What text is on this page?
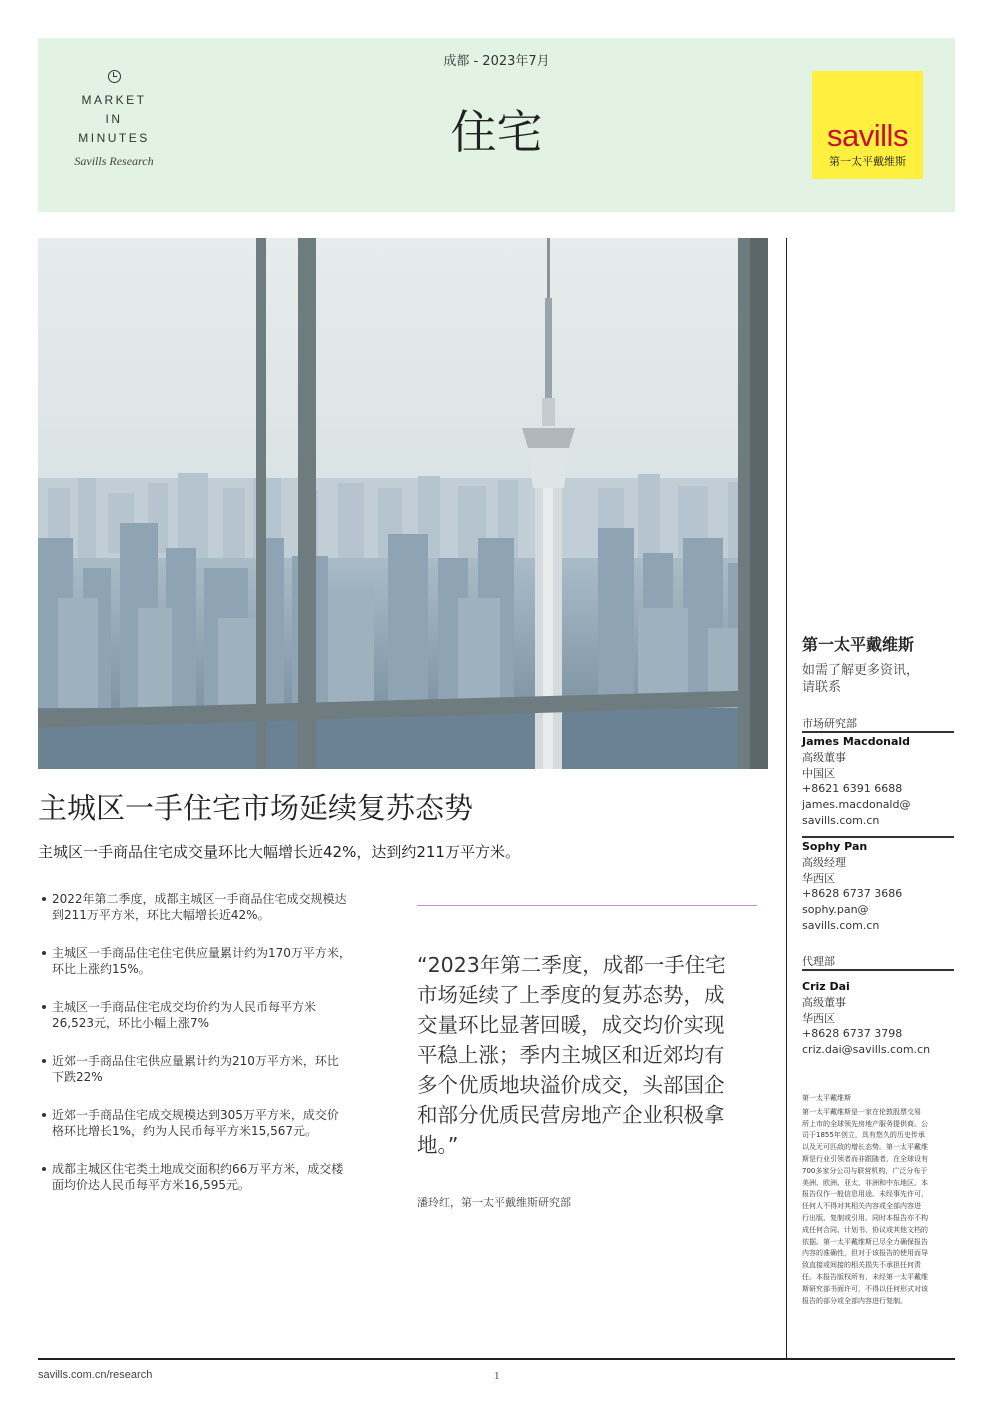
MARKET
IN
MINUTES
Savills Research
成都 - 2023年7月
住宅	savills
第一太平戴维斯
第一太平戴维斯
如需了解更多资讯，
请联系
市场研究部
James Macdonald
高级董事
中国区
+8621 6391 6688
james.macdonald@
savills.com.cn
Sophy Pan
高级经理
华西区
+8628 6737 3686
sophy.pan@
savills.com.cn
代理部
Criz Dai
高级董事
华西区
+8628 6737 3798
criz.dai@savills.com.cn
第一太平戴维斯
第一太平戴维斯是一家在伦敦股票交易
所上市的全球领先房地产服务提供商。公
司于1855年创立，具有悠久的历史传承
以及无可匹敌的增长态势。第一太平戴维
斯是行业引领者而非跟随者，在全球设有
700多家分公司与联营机构，广泛分布于
美洲、欧洲、亚太、非洲和中东地区。本
报告仅作一般信息用途。未经事先许可，
任何人不得对其相关内容或全部内容进
行出版、复制或引用。同时本报告亦不构
成任何合同、计划书、协议或其他文档的
依据。第一太平戴维斯已尽全力确保报告
内容的准确性，但对于该报告的使用而导
致直接或间接的相关损失不承担任何责
任。本报告版权所有，未经第一太平戴维
斯研究部书面许可，不得以任何形式对该
报告的部分或全部内容进行复制。
主城区一手住宅市场延续复苏态势
主城区一手商品住宅成交量环比大幅增长近42%，达到约211万平方米。
2022年第二季度，成都主城区一手商品住宅成交规模达
到211万平方米，环比大幅增长近42%。
主城区一手商品住宅住宅供应量累计约为170万平方米，
环比上涨约15%。
主城区一手商品住宅成交均价约为人民币每平方米
26,523元，环比小幅上涨7%
近郊一手商品住宅供应量累计约为210万平方米，环比
下跌22%
近郊一手商品住宅成交规模达到305万平方米，成交价
格环比增长1%，约为人民币每平方米15,567元。
成都主城区住宅类土地成交面积约66万平方米，成交楼
面均价达人民币每平方米16,595元。
“2023年第二季度，成都一手住宅
市场延续了上季度的复苏态势，成
交量环比显著回暖，成交均价实现
平稳上涨；季内主城区和近郊均有
多个优质地块溢价成交，头部国企
和部分优质民营房地产企业积极拿
地。”
潘玲红，第一太平戴维斯研究部
savills.com.cn/research	1
